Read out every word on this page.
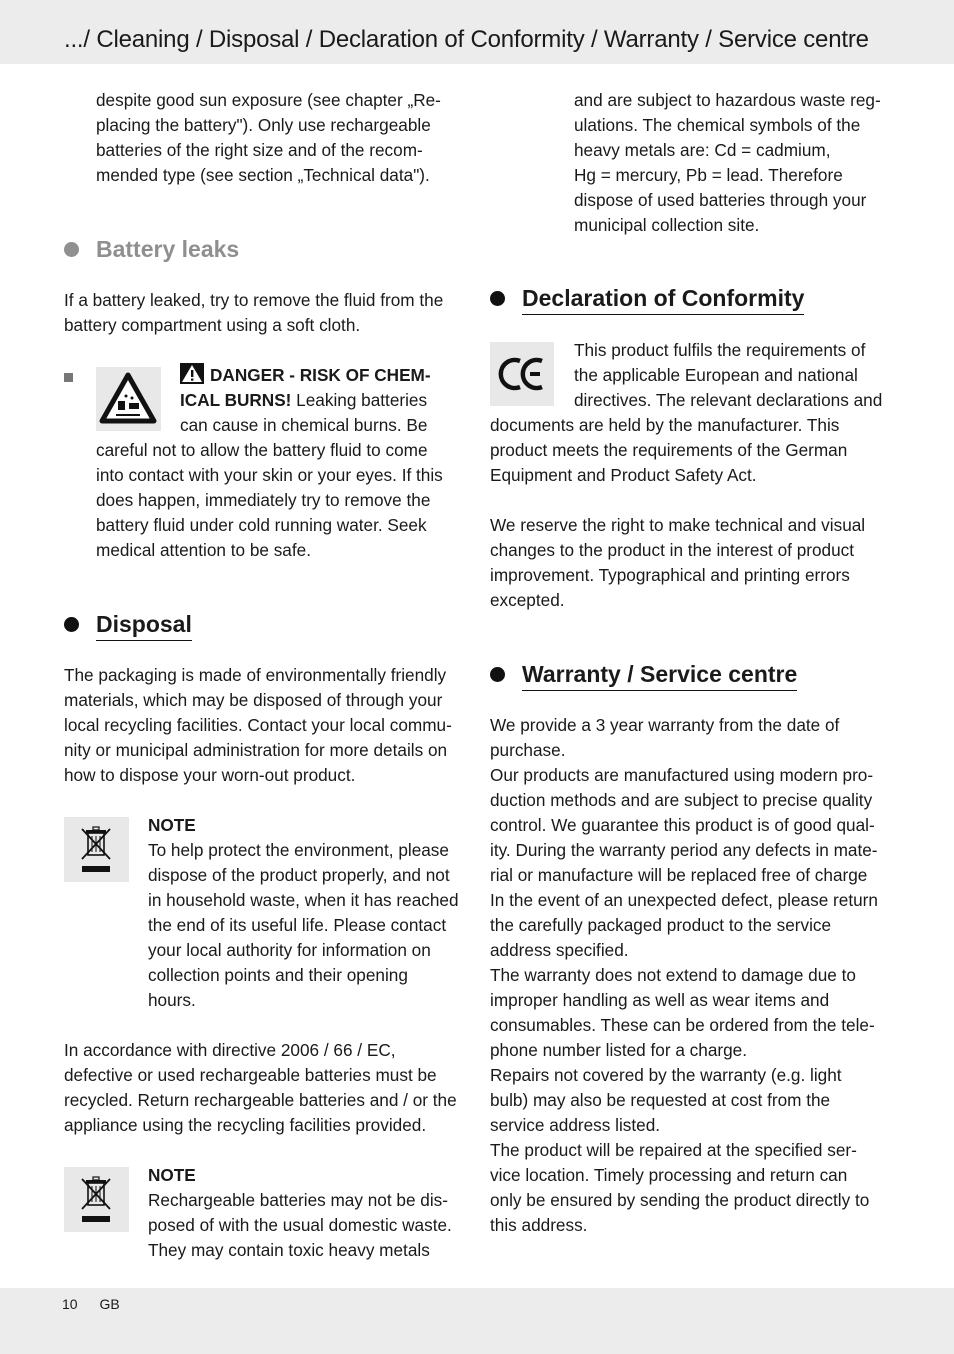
.../ Cleaning / Disposal / Declaration of Conformity / Warranty / Service centre

despite good sun exposure (see chapter „Re-

placing the battery"). Only use rechargeable

batteries of the right size and of the recom-

mended type (see section „Technical data").

Battery leaks

If a battery leaked, try to remove the fluid from the

battery compartment using a soft cloth.

DANGER - RISK OF CHEM-

ICAL BURNS! Leaking batteries

can cause in chemical burns. Be

careful not to allow the battery fluid to come

into contact with your skin or your eyes. If this

does happen, immediately try to remove the

battery fluid under cold running water. Seek

medical attention to be safe.

Disposal

The packaging is made of environmentally friendly

materials, which may be disposed of through your

local recycling facilities. Contact your local commu-

nity or municipal administration for more details on

how to dispose your worn-out product.

NOTE

To help protect the environment, please

dispose of the product properly, and not

in household waste, when it has reached

the end of its useful life. Please contact

your local authority for information on

collection points and their opening

hours.

In accordance with directive 2006 / 66 / EC,

defective or used rechargeable batteries must be

recycled. Return rechargeable batteries and / or the

appliance using the recycling facilities provided.

NOTE

Rechargeable batteries may not be dis-

posed of with the usual domestic waste.

They may contain toxic heavy metals

and are subject to hazardous waste reg-

ulations. The chemical symbols of the

heavy metals are: Cd = cadmium,

Hg = mercury, Pb = lead. Therefore

dispose of used batteries through your

municipal collection site.

Declaration of Conformity

This product fulfils the requirements of

the applicable European and national

directives. The relevant declarations and

documents are held by the manufacturer. This

product meets the requirements of the German

Equipment and Product Safety Act.

We reserve the right to make technical and visual

changes to the product in the interest of product

improvement. Typographical and printing errors

excepted.

Warranty / Service centre

We provide a 3 year warranty from the date of

purchase.

Our products are manufactured using modern pro-

duction methods and are subject to precise quality

control. We guarantee this product is of good qual-

ity. During the warranty period any defects in mate-

rial or manufacture will be replaced free of charge

In the event of an unexpected defect, please return

the carefully packaged product to the service

address specified.

The warranty does not extend to damage due to

improper handling as well as wear items and

consumables. These can be ordered from the tele-

phone number listed for a charge.

Repairs not covered by the warranty (e.g. light

bulb) may also be requested at cost from the

service address listed.

The product will be repaired at the specified ser-

vice location. Timely processing and return can

only be ensured by sending the product directly to

this address.

10 GB
